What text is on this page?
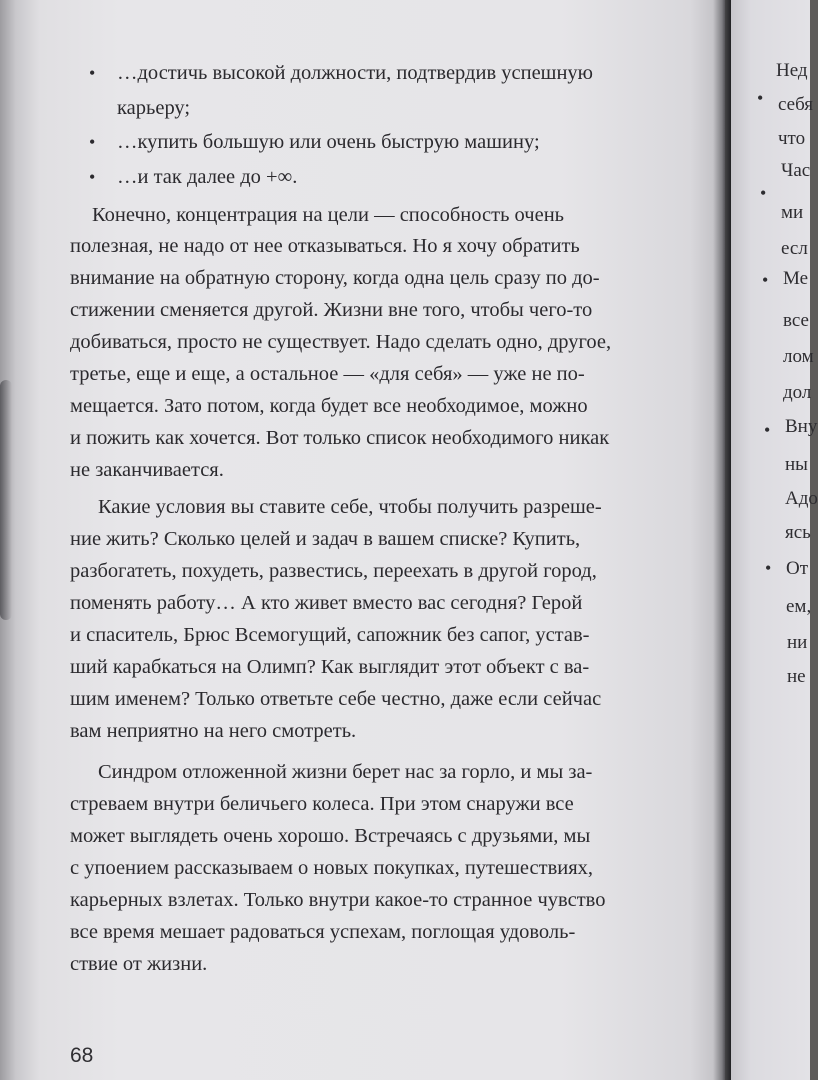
• …достичь высокой должности, подтвердив успешную
карьеру;
• …купить большую или очень быструю машину;
• …и так далее до +∞.
Конечно, концентрация на цели — способность очень
полезная, не надо от нее отказываться. Но я хочу обратить
внимание на обратную сторону, когда одна цель сразу по до-
стижении сменяется другой. Жизни вне того, чтобы чего-то
добиваться, просто не существует. Надо сделать одно, другое,
третье, еще и еще, а остальное — «для себя» — уже не по-
мещается. Зато потом, когда будет все необходимое, можно
и пожить как хочется. Вот только список необходимого никак
не заканчивается.
Какие условия вы ставите себе, чтобы получить разреше-
ние жить? Сколько целей и задач в вашем списке? Купить,
разбогатеть, похудеть, развестись, переехать в другой город,
поменять работу… А кто живет вместо вас сегодня? Герой
и спаситель, Брюс Всемогущий, сапожник без сапог, устав-
ший карабкаться на Олимп? Как выглядит этот объект с ва-
шим именем? Только ответьте себе честно, даже если сейчас
вам неприятно на него смотреть.
Синдром отложенной жизни берет нас за горло, и мы за-
стреваем внутри беличьего колеса. При этом снаружи все
может выглядеть очень хорошо. Встречаясь с друзьями, мы
с упоением рассказываем о новых покупках, путешествиях,
карьерных взлетах. Только внутри какое-то странное чувство
все время мешает радоваться успехам, поглощая удоволь-
ствие от жизни.
68
•
Нед
себя
что
•
Час
ми
есл
• Ме
все
лом
дол
• Вну
ны
Адо
ясь
• От
ем,
ни
не
